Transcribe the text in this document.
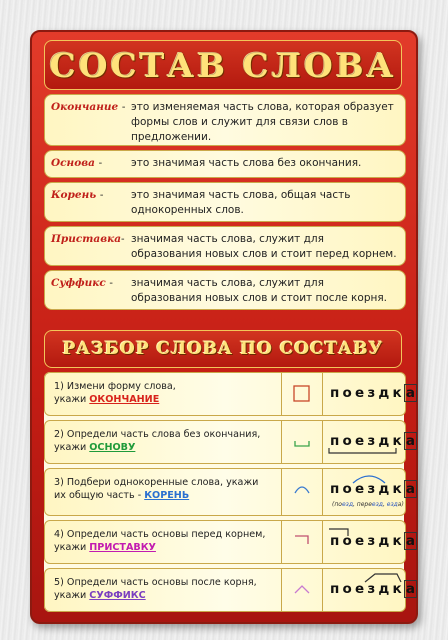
СОСТАВ СЛОВА
Окончание - это изменяемая часть слова, которая образует формы слов и служит для связи слов в предложении.
Основа -	это значимая часть слова без окончания.
Корень -	это значимая часть слова, общая часть однокоренных слов.
Приставка- значимая часть слова, служит для образования новых слов и стоит перед корнем.
Суффикс - значимая часть слова, служит для образования новых слов и стоит после корня.
РАЗБОР СЛОВА ПО СОСТАВУ
1) Измени форму слова,
укажи ОКОНЧАНИЕ	поездка
2) Определи часть слова без окончания,
укажи ОСНОВУ	поездка
3) Подбери однокоренные слова, укажи
их общую часть - КОРЕНЬ	поездка
(поезд, переезд, езда)
4) Определи часть основы перед корнем,
укажи ПРИСТАВКУ	поездка
5) Определи часть основы после корня,
укажи СУФФИКС	поездка
